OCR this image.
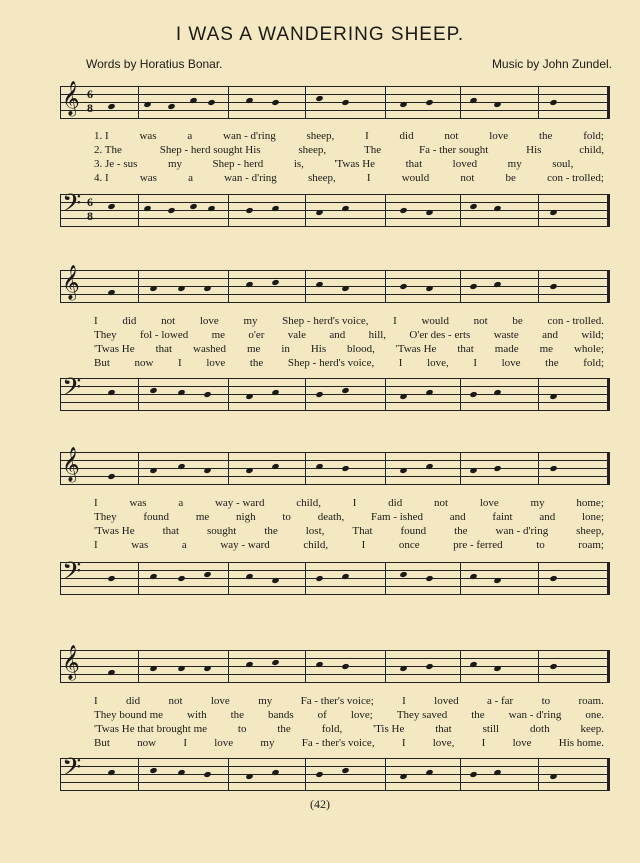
I WAS A WANDERING SHEEP.
Words by Horatius Bonar.	Music by John Zundel.
𝄞 6
8
1. I	was	a	wan - d'ring	sheep,	I	did	not	love	the	fold;
2. The	Shep - herd sought His	sheep,	The	Fa - ther sought	His	child,
3. Je - sus	my	Shep - herd	is,	'Twas He	that	loved	my	soul,
4. I	was	a	wan - d'ring	sheep,	I	would	not	be	con - trolled;
𝄢 6
8
𝄞
I did not love my Shep - herd's voice, I would not be con - trolled.
They fol - lowed me o'er vale and hill, O'er des - erts waste and wild;
'Twas He that washed me in His blood, 'Twas He that made me whole;
But now I love the Shep - herd's voice, I love, I love the fold;
𝄢
𝄞
I	was	a	way - ward	child,	I	did	not	love	my	home;
They found me nigh to death, Fam - ished and faint and lone;
'Twas He	that	sought	the	lost,	That	found	the	wan - d'ring	sheep,
I	was	a	way - ward	child,	I	once	pre - ferred	to	roam;
𝄢
𝄞
I	did	not	love	my	Fa - ther's voice;	I	loved	a - far	to	roam.
They bound me with the bands of love; They saved the wan - d'ring one.
'Twas He that brought me	to	the	fold,	'Tis He	that	still	doth	keep.
But now I love my Fa - ther's voice, I love, I love His home.
𝄢
(42)
